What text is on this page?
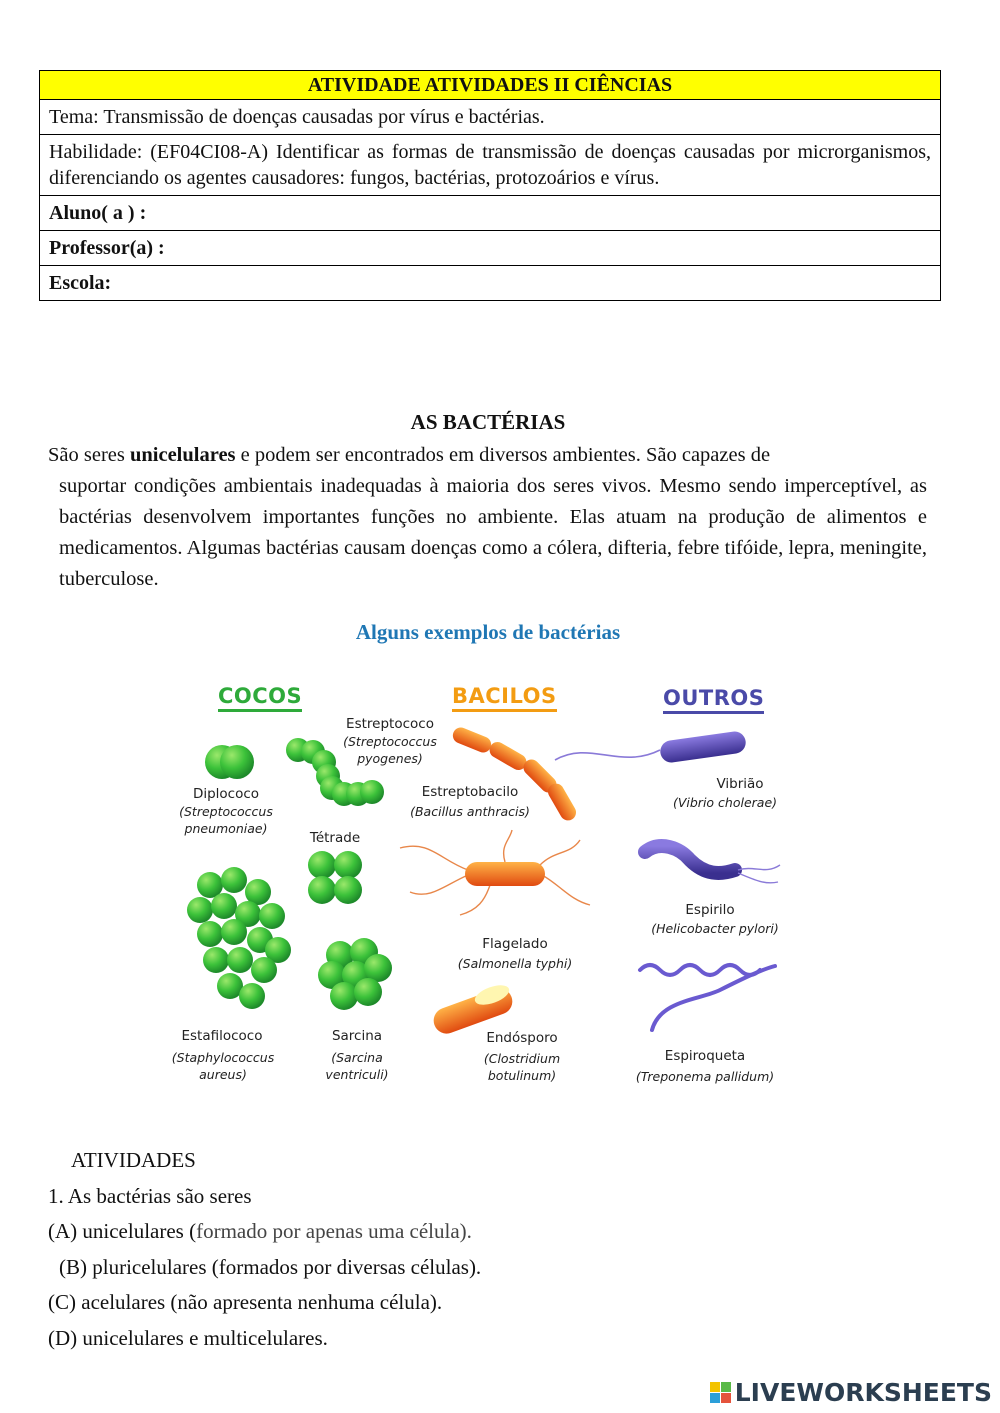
ATIVIDADE ATIVIDADES II CIÊNCIAS
Tema: Transmissão de doenças causadas por vírus e bactérias.
Habilidade: (EF04CI08-A) Identificar as formas de transmissão de doenças causadas por microrganismos, diferenciando os agentes causadores: fungos, bactérias, protozoários e vírus.
Aluno( a ) :
Professor(a) :
Escola:
AS BACTÉRIAS
São seres unicelulares e podem ser encontrados em diversos ambientes. São capazes de
suportar condições ambientais inadequadas à maioria dos seres vivos. Mesmo sendo imperceptível, as bactérias desenvolvem importantes funções no ambiente. Elas atuam na produção de alimentos e medicamentos. Algumas bactérias causam doenças como a cólera, difteria, febre tifóide, lepra, meningite, tuberculose.
Alguns exemplos de bactérias
COCOS	BACILOS	OUTROS
Diplococo
(Streptococcus pneumoniae)
Estreptococo
(Streptococcus pyogenes)
Tétrade
Estafilococo
(Staphylococcus aureus)
Sarcina
(Sarcina ventriculi)
Estreptobacilo
(Bacillus anthracis)
Flagelado
(Salmonella typhi)
Endósporo
(Clostridium botulinum)
Vibrião
(Vibrio cholerae)
Espirilo
(Helicobacter pylori)
Espiroqueta
(Treponema pallidum)
ATIVIDADES
1. As bactérias são seres
(A) unicelulares (formado por apenas uma célula).
(B) pluricelulares (formados por diversas células).
(C) acelulares (não apresenta nenhuma célula).
(D) unicelulares e multicelulares.
LIVEWORKSHEETS
